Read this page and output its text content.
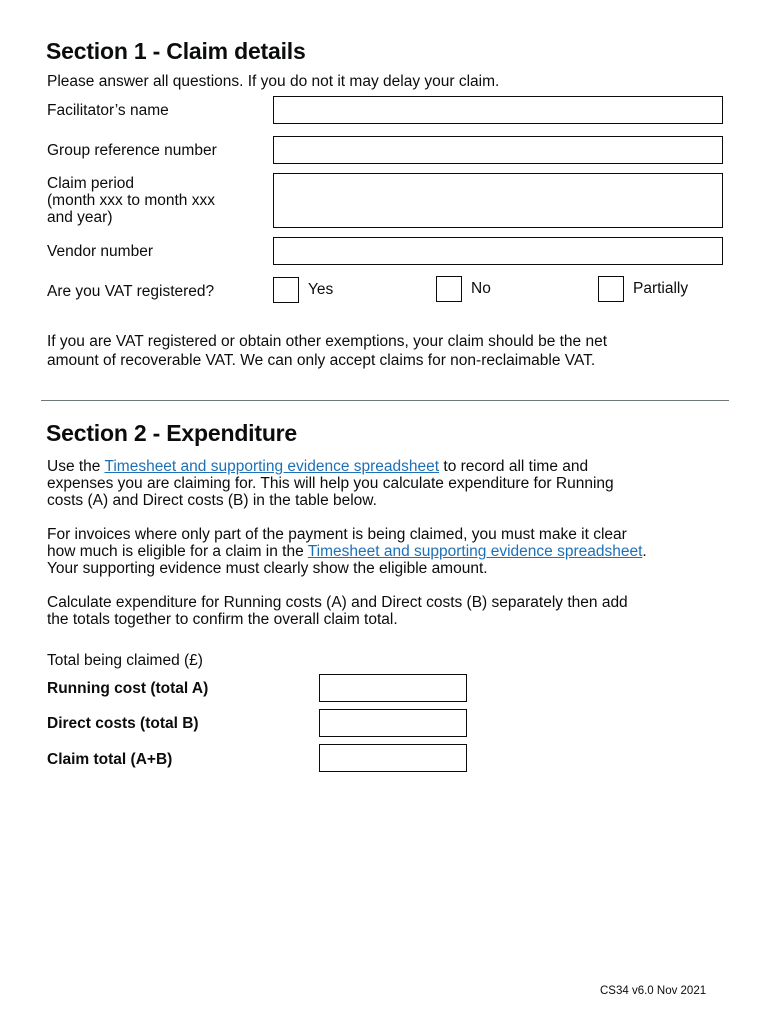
Section 1 - Claim details
Please answer all questions. If you do not it may delay your claim.
Facilitator’s name
Group reference number
Claim period
(month xxx to month xxx
and year)
Vendor number
Are you VAT registered?	Yes	No	Partially
If you are VAT registered or obtain other exemptions, your claim should be the net
amount of recoverable VAT. We can only accept claims for non-reclaimable VAT.
Section 2 - Expenditure
Use the Timesheet and supporting evidence spreadsheet to record all time and
expenses you are claiming for. This will help you calculate expenditure for Running
costs (A) and Direct costs (B) in the table below.
For invoices where only part of the payment is being claimed, you must make it clear
how much is eligible for a claim in the Timesheet and supporting evidence spreadsheet.
Your supporting evidence must clearly show the eligible amount.
Calculate expenditure for Running costs (A) and Direct costs (B) separately then add
the totals together to confirm the overall claim total.
Total being claimed (£)
Running cost (total A)
Direct costs (total B)
Claim total (A+B)
CS34 v6.0 Nov 2021
